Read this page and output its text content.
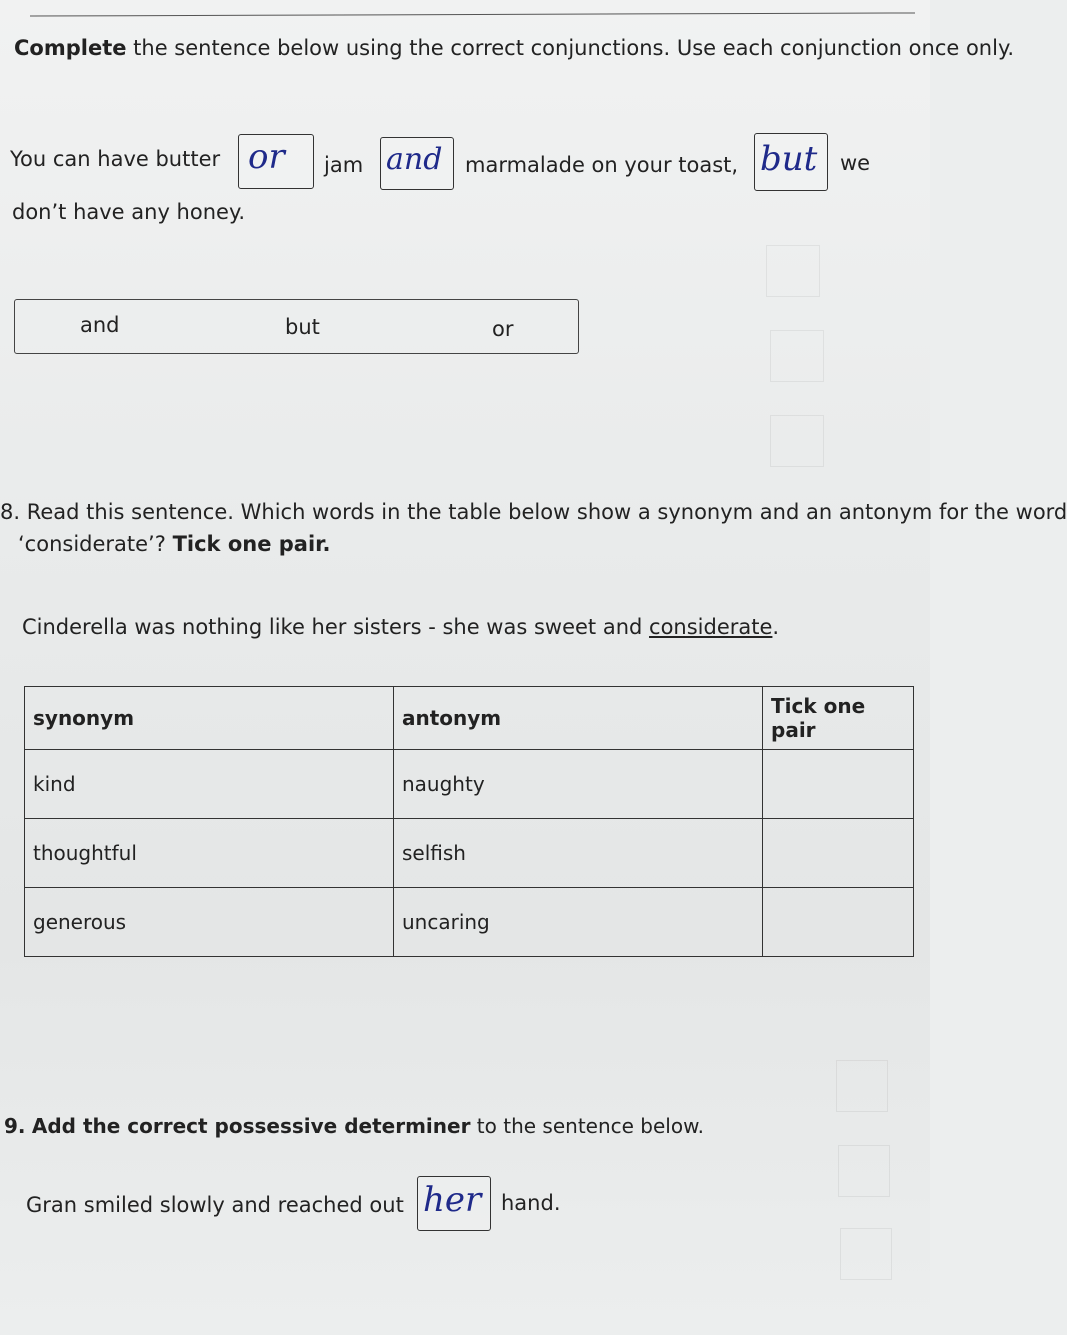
Complete the sentence below using the correct conjunctions. Use each conjunction once only.
You can have butter or jam and marmalade on your toast, but we
don’t have any honey.
and	but	or
8. Read this sentence. Which words in the table below show a synonym and an antonym for the word
‘considerate’? Tick one pair.
Cinderella was nothing like her sisters - she was sweet and considerate.
synonym	antonym	Tick one pair
kind	naughty	
thoughtful	selfish	
generous	uncaring	
9. Add the correct possessive determiner to the sentence below.
Gran smiled slowly and reached out her hand.
